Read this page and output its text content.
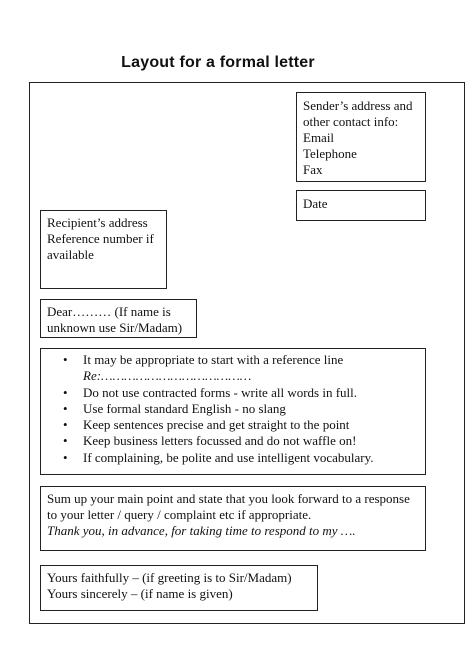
Layout for a formal letter
Sender’s address and
other contact info:
Email
Telephone
Fax
Date
Recipient’s address
Reference number if
available
Dear……… (If name is
unknown use Sir/Madam)
• It may be appropriate to start with a reference line
Re:…………………………………
• Do not use contracted forms - write all words in full.
• Use formal standard English - no slang
• Keep sentences precise and get straight to the point
• Keep business letters focussed and do not waffle on!
• If complaining, be polite and use intelligent vocabulary.
Sum up your main point and state that you look forward to a response
to your letter / query / complaint etc if appropriate.
Thank you, in advance, for taking time to respond to my ….
Yours faithfully – (if greeting is to Sir/Madam)
Yours sincerely – (if name is given)
